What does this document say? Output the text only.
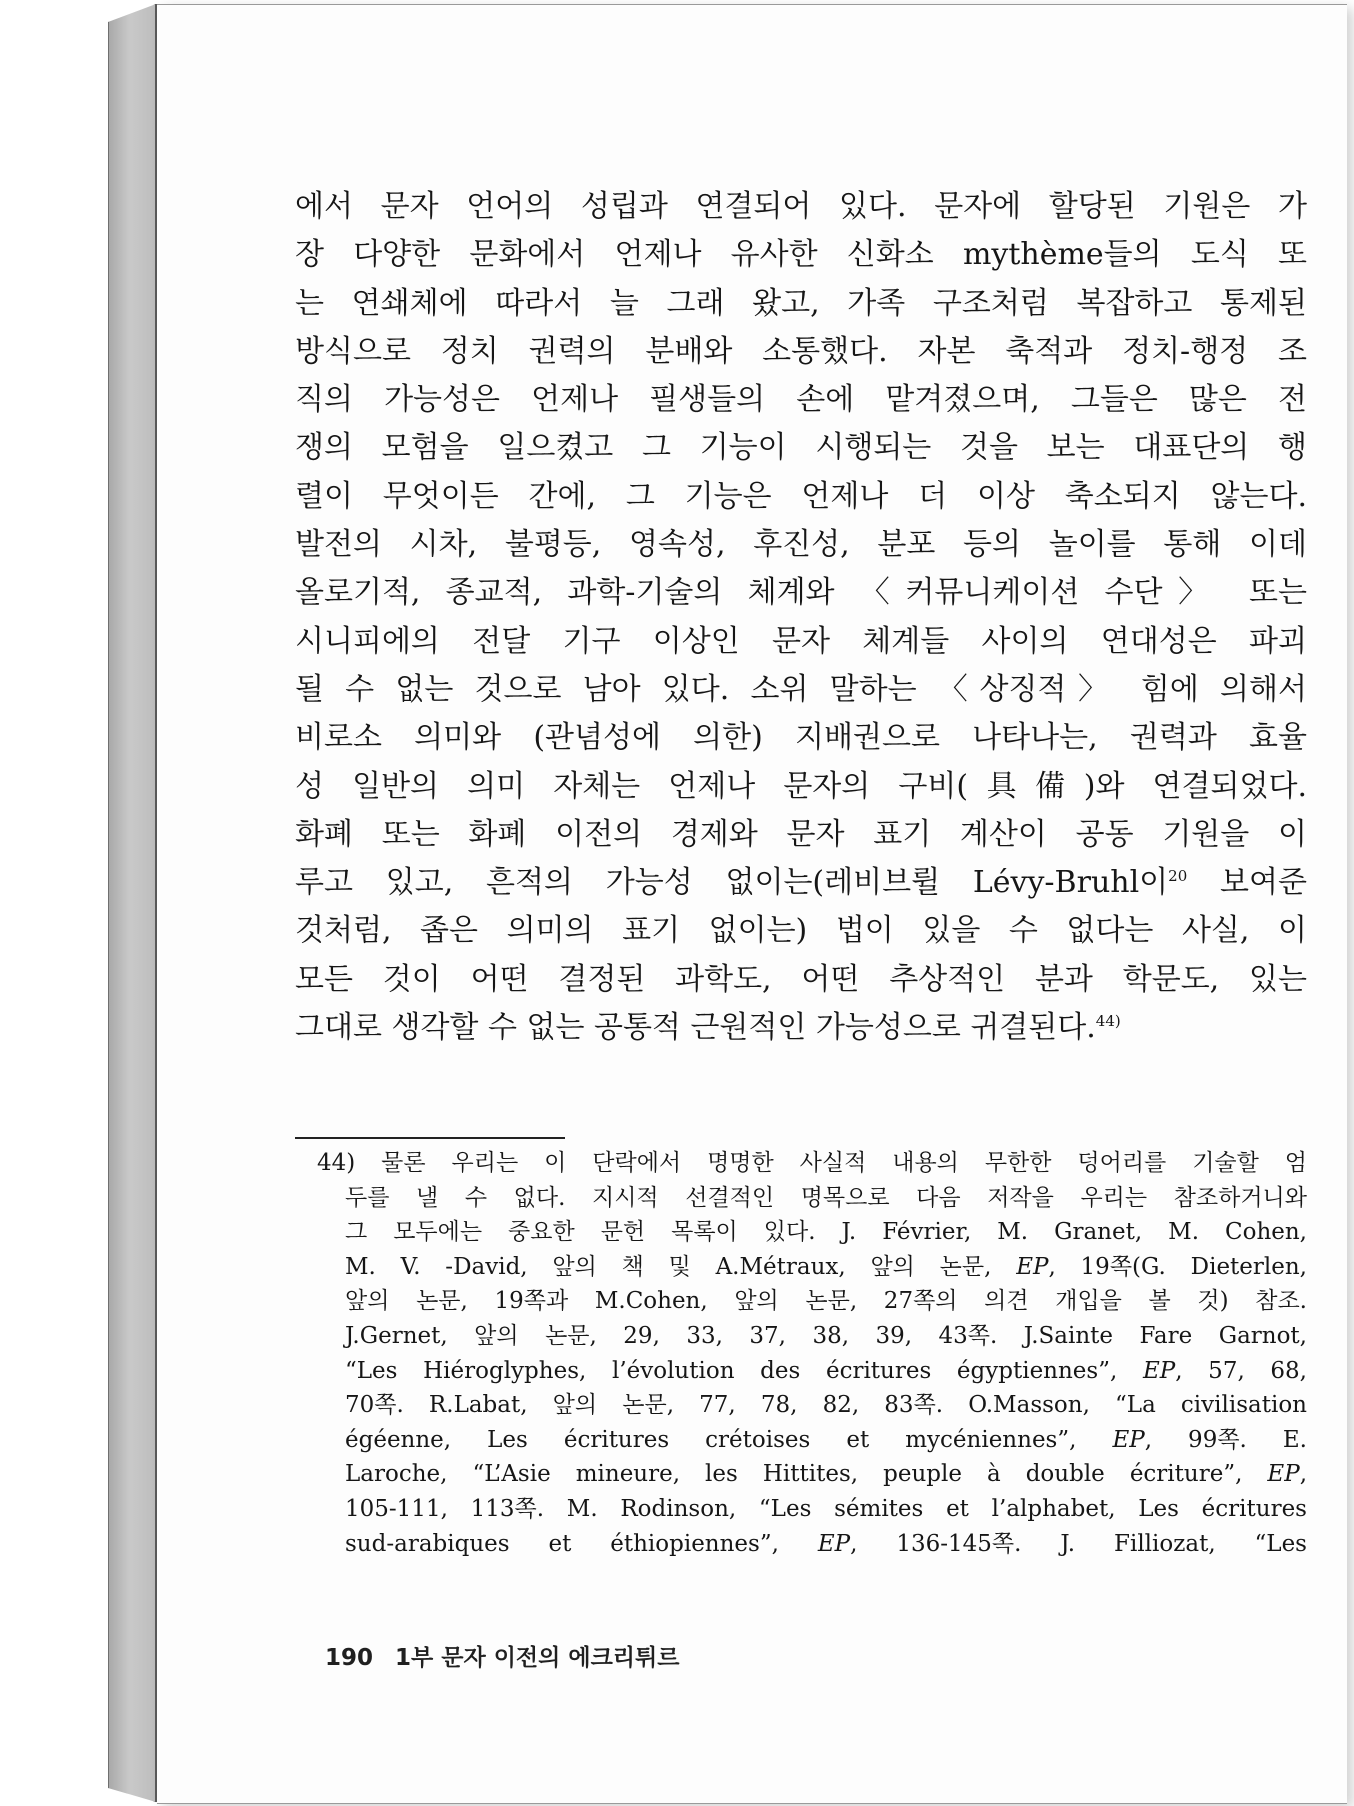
에서 문자 언어의 성립과 연결되어 있다. 문자에 할당된 기원은 가
장 다양한 문화에서 언제나 유사한 신화소 mythème들의 도식 또
는 연쇄체에 따라서 늘 그래 왔고, 가족 구조처럼 복잡하고 통제된
방식으로 정치 권력의 분배와 소통했다. 자본 축적과 정치-행정 조
직의 가능성은 언제나 필생들의 손에 맡겨졌으며, 그들은 많은 전
쟁의 모험을 일으켰고 그 기능이 시행되는 것을 보는 대표단의 행
렬이 무엇이든 간에, 그 기능은 언제나 더 이상 축소되지 않는다.
발전의 시차, 불평등, 영속성, 후진성, 분포 등의 놀이를 통해 이데
올로기적, 종교적, 과학-기술의 체계와 〈커뮤니케이션 수단〉 또는
시니피에의 전달 기구 이상인 문자 체계들 사이의 연대성은 파괴
될 수 없는 것으로 남아 있다. 소위 말하는 〈상징적〉 힘에 의해서
비로소 의미와 (관념성에 의한) 지배권으로 나타나는, 권력과 효율
성 일반의 의미 자체는 언제나 문자의 구비(具備)와 연결되었다.
화폐 또는 화폐 이전의 경제와 문자 표기 계산이 공동 기원을 이
루고 있고, 흔적의 가능성 없이는(레비브륄 Lévy-Bruhl이$^{20}$ 보여준
것처럼, 좁은 의미의 표기 없이는) 법이 있을 수 없다는 사실, 이
모든 것이 어떤 결정된 과학도, 어떤 추상적인 분과 학문도, 있는
그대로 생각할 수 없는 공통적 근원적인 가능성으로 귀결된다.$^{44)}$
44) 물론 우리는 이 단락에서 명명한 사실적 내용의 무한한 덩어리를 기술할 엄
두를 낼 수 없다. 지시적 선결적인 명목으로 다음 저작을 우리는 참조하거니와
그 모두에는 중요한 문헌 목록이 있다. J. Février, M. Granet, M. Cohen,
M. V. -David, 앞의 책 및 A.Métraux, 앞의 논문, EP, 19쪽(G. Dieterlen,
앞의 논문, 19쪽과 M.Cohen, 앞의 논문, 27쪽의 의견 개입을 볼 것) 참조.
J.Gernet, 앞의 논문, 29, 33, 37, 38, 39, 43쪽. J.Sainte Fare Garnot,
“Les Hiéroglyphes, l’évolution des écritures égyptiennes”, EP, 57, 68,
70쪽. R.Labat, 앞의 논문, 77, 78, 82, 83쪽. O.Masson, “La civilisation
égéenne, Les écritures crétoises et mycéniennes”, EP, 99쪽. E.
Laroche, “L’Asie mineure, les Hittites, peuple à double écriture”, EP,
105-111, 113쪽. M. Rodinson, “Les sémites et l’alphabet, Les écritures
sud-arabiques et éthiopiennes”, EP, 136-145쪽. J. Filliozat, “Les
190 1부 문자 이전의 에크리튀르
